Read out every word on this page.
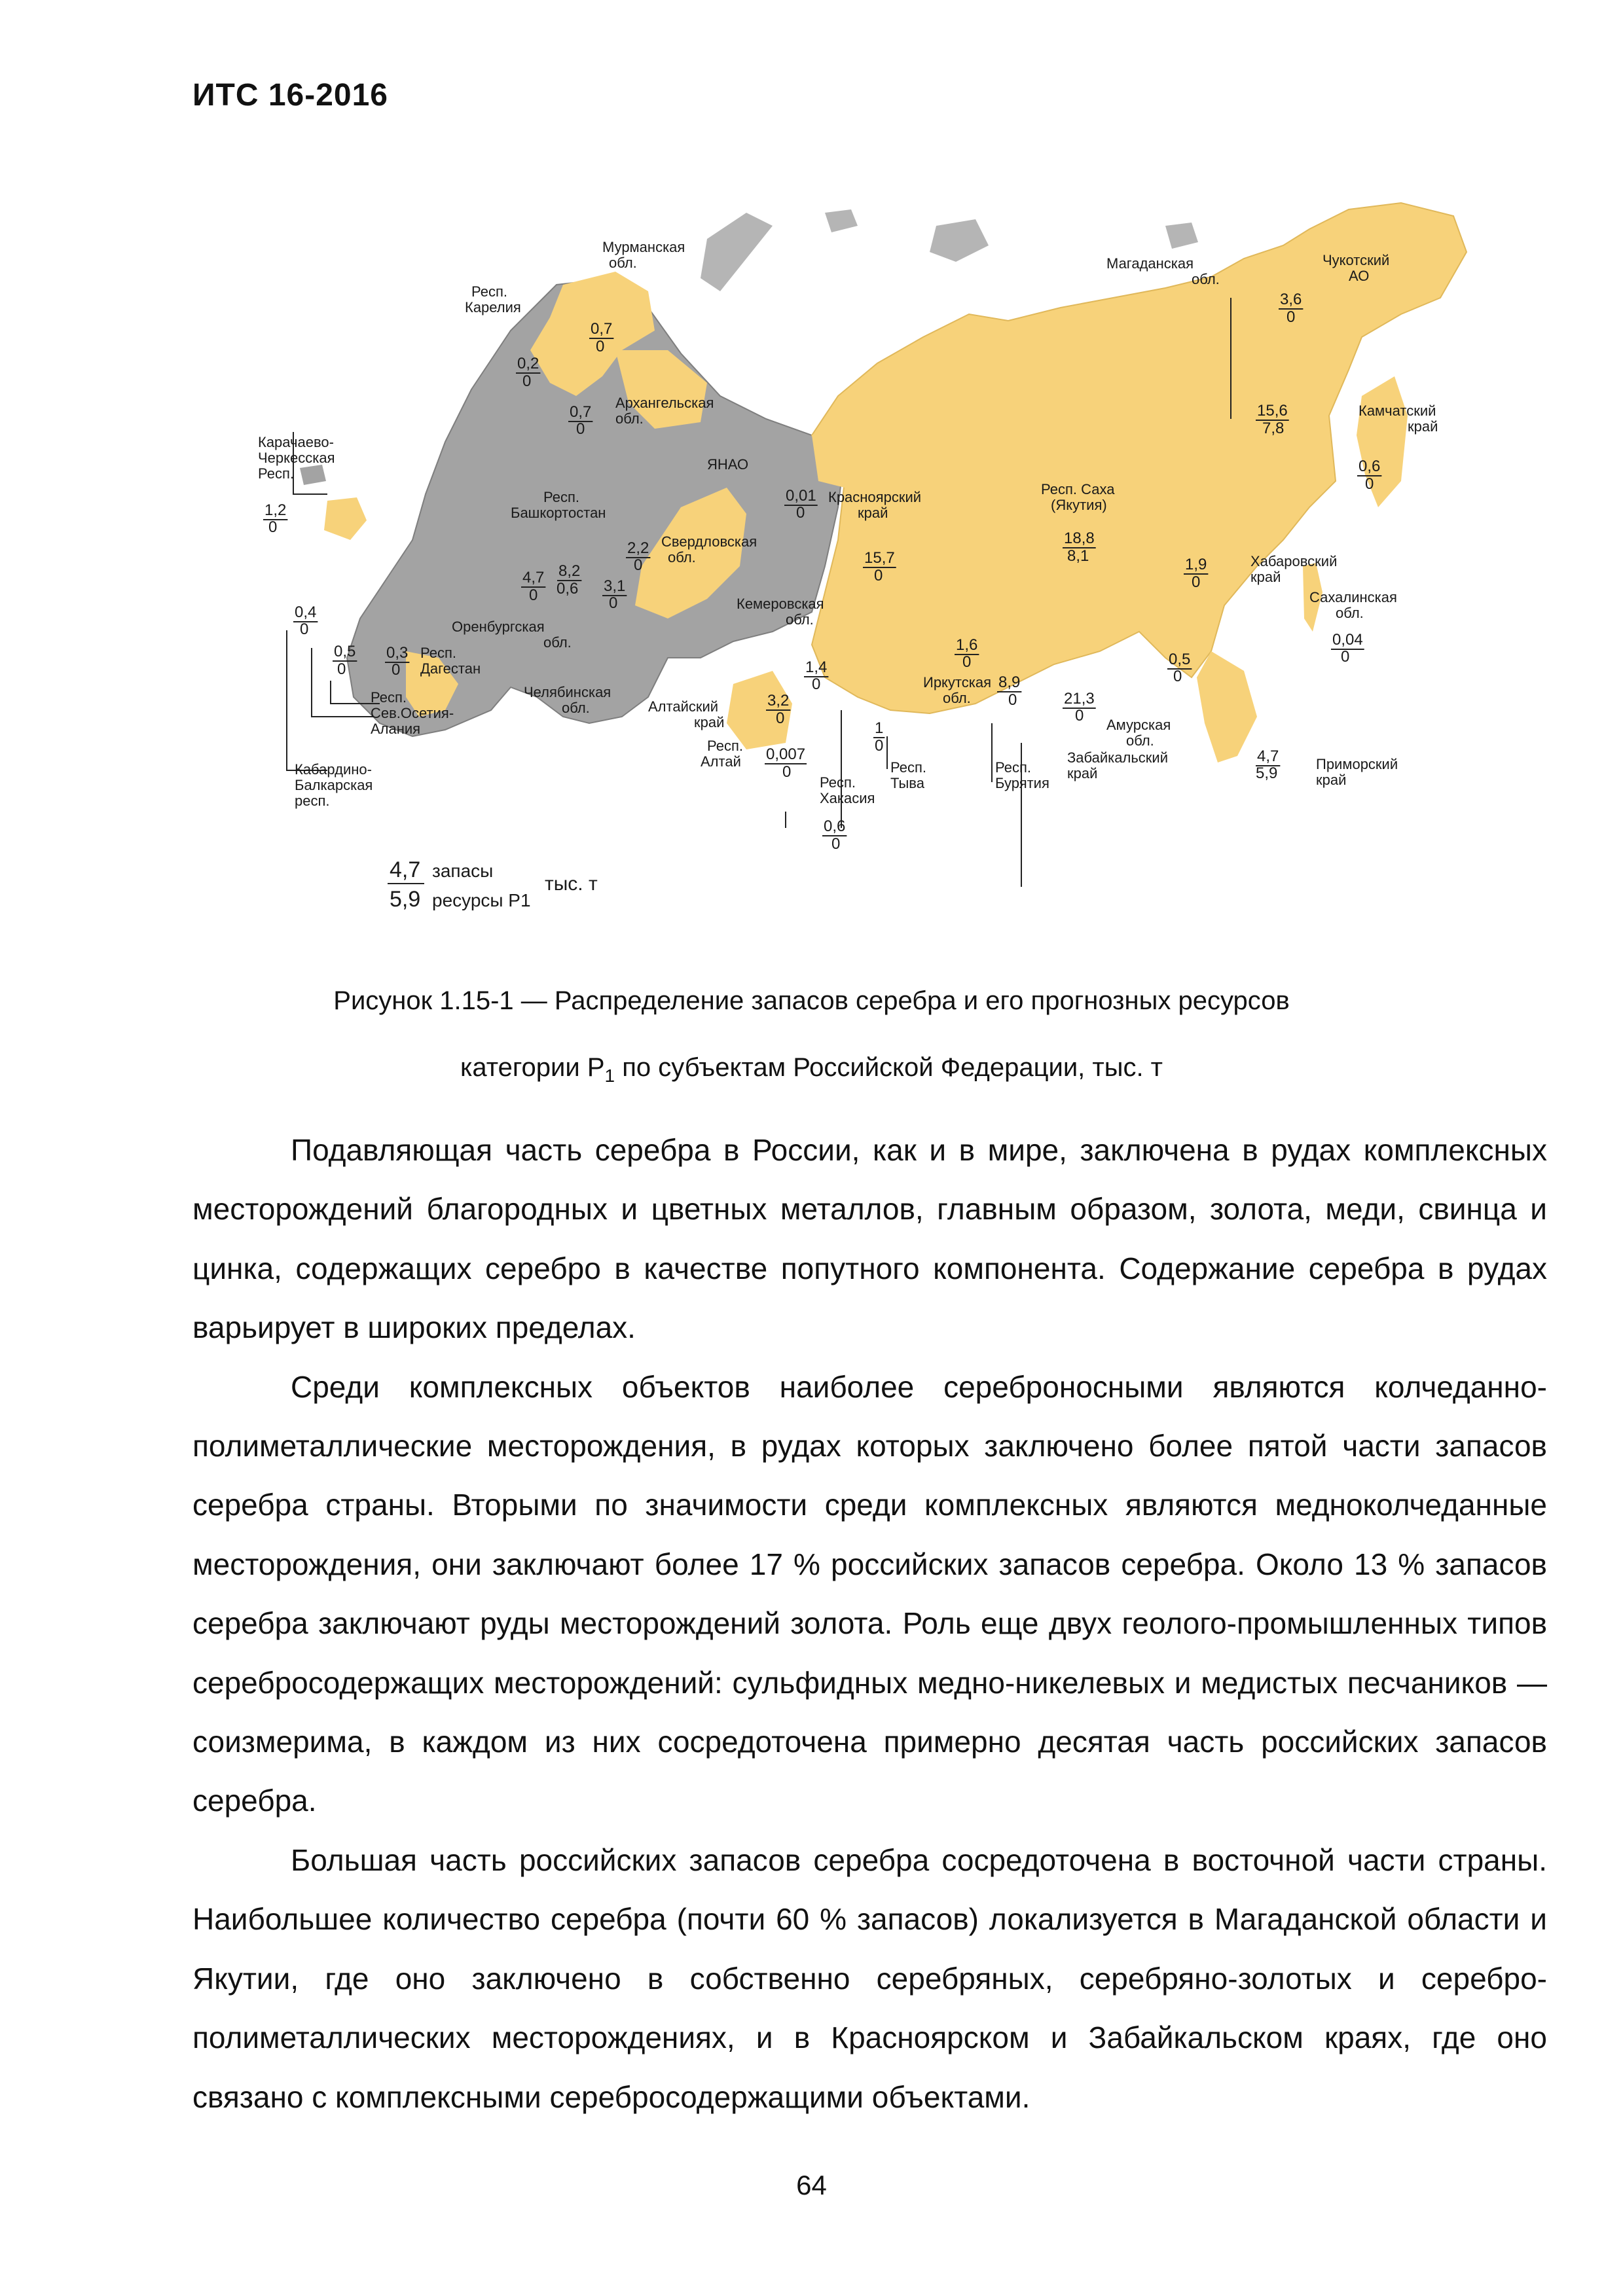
ИТС 16-2016
Мурманская
обл.
0,7
0
Респ.
Карелия
0,2
0
Архангельская
обл.
0,7
0
Карачаево-
Черкесская
Респ.
1,2
0
Респ.
Башкортостан
8,2
0,6
Оренбургская
обл.
4,7
0
Свердловская
обл.
2,2
0
Челябинская
обл.
3,1
0
ЯНАО
0,01
0
Красноярский
край
15,7
0
Кемеровская
обл.
1,4
0
Алтайский
край
3,2
0
Респ.
Алтай 0,007
0
Респ.
Хакасия
0,6
0
Респ.
Тыва
1
0
Респ.
Бурятия
8,9
0
Иркутская
обл.
1,6
0
Забайкальский
край
21,3
0
Амурская
обл.
0,5
0
Респ. Саха
(Якутия)
18,8
8,1	Хабаровский
край
1,9
0
Магаданская
обл.
15,6
7,8
Чукотский
АО
3,6
0
Камчатский
край
0,6
0
Сахалинская
обл.
0,04
0
Приморский
край
4,7
5,9
Кабардино-
Балкарская
респ.
0,5
0
Респ.
Сев.Осетия-
Алания
0,4
0
Респ.
Дагестан
0,3
0
4,7
5,9
запасы
ресурсы Р1
тыс. т
Рисунок 1.15-1 — Распределение запасов серебра и его прогнозных ресурсов
категории $Р_1$ по субъектам Российской Федерации, тыс. т

Подавляющая часть серебра в России, как и в мире, заключена в рудах комплексных месторождений благородных и цветных металлов, главным образом, золота, меди, свинца и цинка, содержащих серебро в качестве попутного компонента. Содержание серебра в рудах варьирует в широких пределах.

Среди комплексных объектов наиболее сереброносными являются колчеданно-полиметаллические месторождения, в рудах которых заключено более пятой части запасов серебра страны. Вторыми по значимости среди комплексных являются медноколчеданные месторождения, они заключают более 17 % российских запасов серебра. Около 13 % запасов серебра заключают руды месторождений золота. Роль еще двух геолого-промышленных типов сереброcодержащих месторождений: сульфидных медно-никелевых и медистых песчаников — соизмерима, в каждом из них сосредоточена примерно десятая часть российских запасов серебра.

Большая часть российских запасов серебра сосредоточена в восточной части страны. Наибольшее количество серебра (почти 60 % запасов) локализуется в Магаданской области и Якутии, где оно заключено в собственно серебряных, серебряно-золотых и серебро-полиметаллических месторождениях, и в Красноярском и Забайкальском краях, где оно связано с комплексными сереброcодержащими объектами.

64
